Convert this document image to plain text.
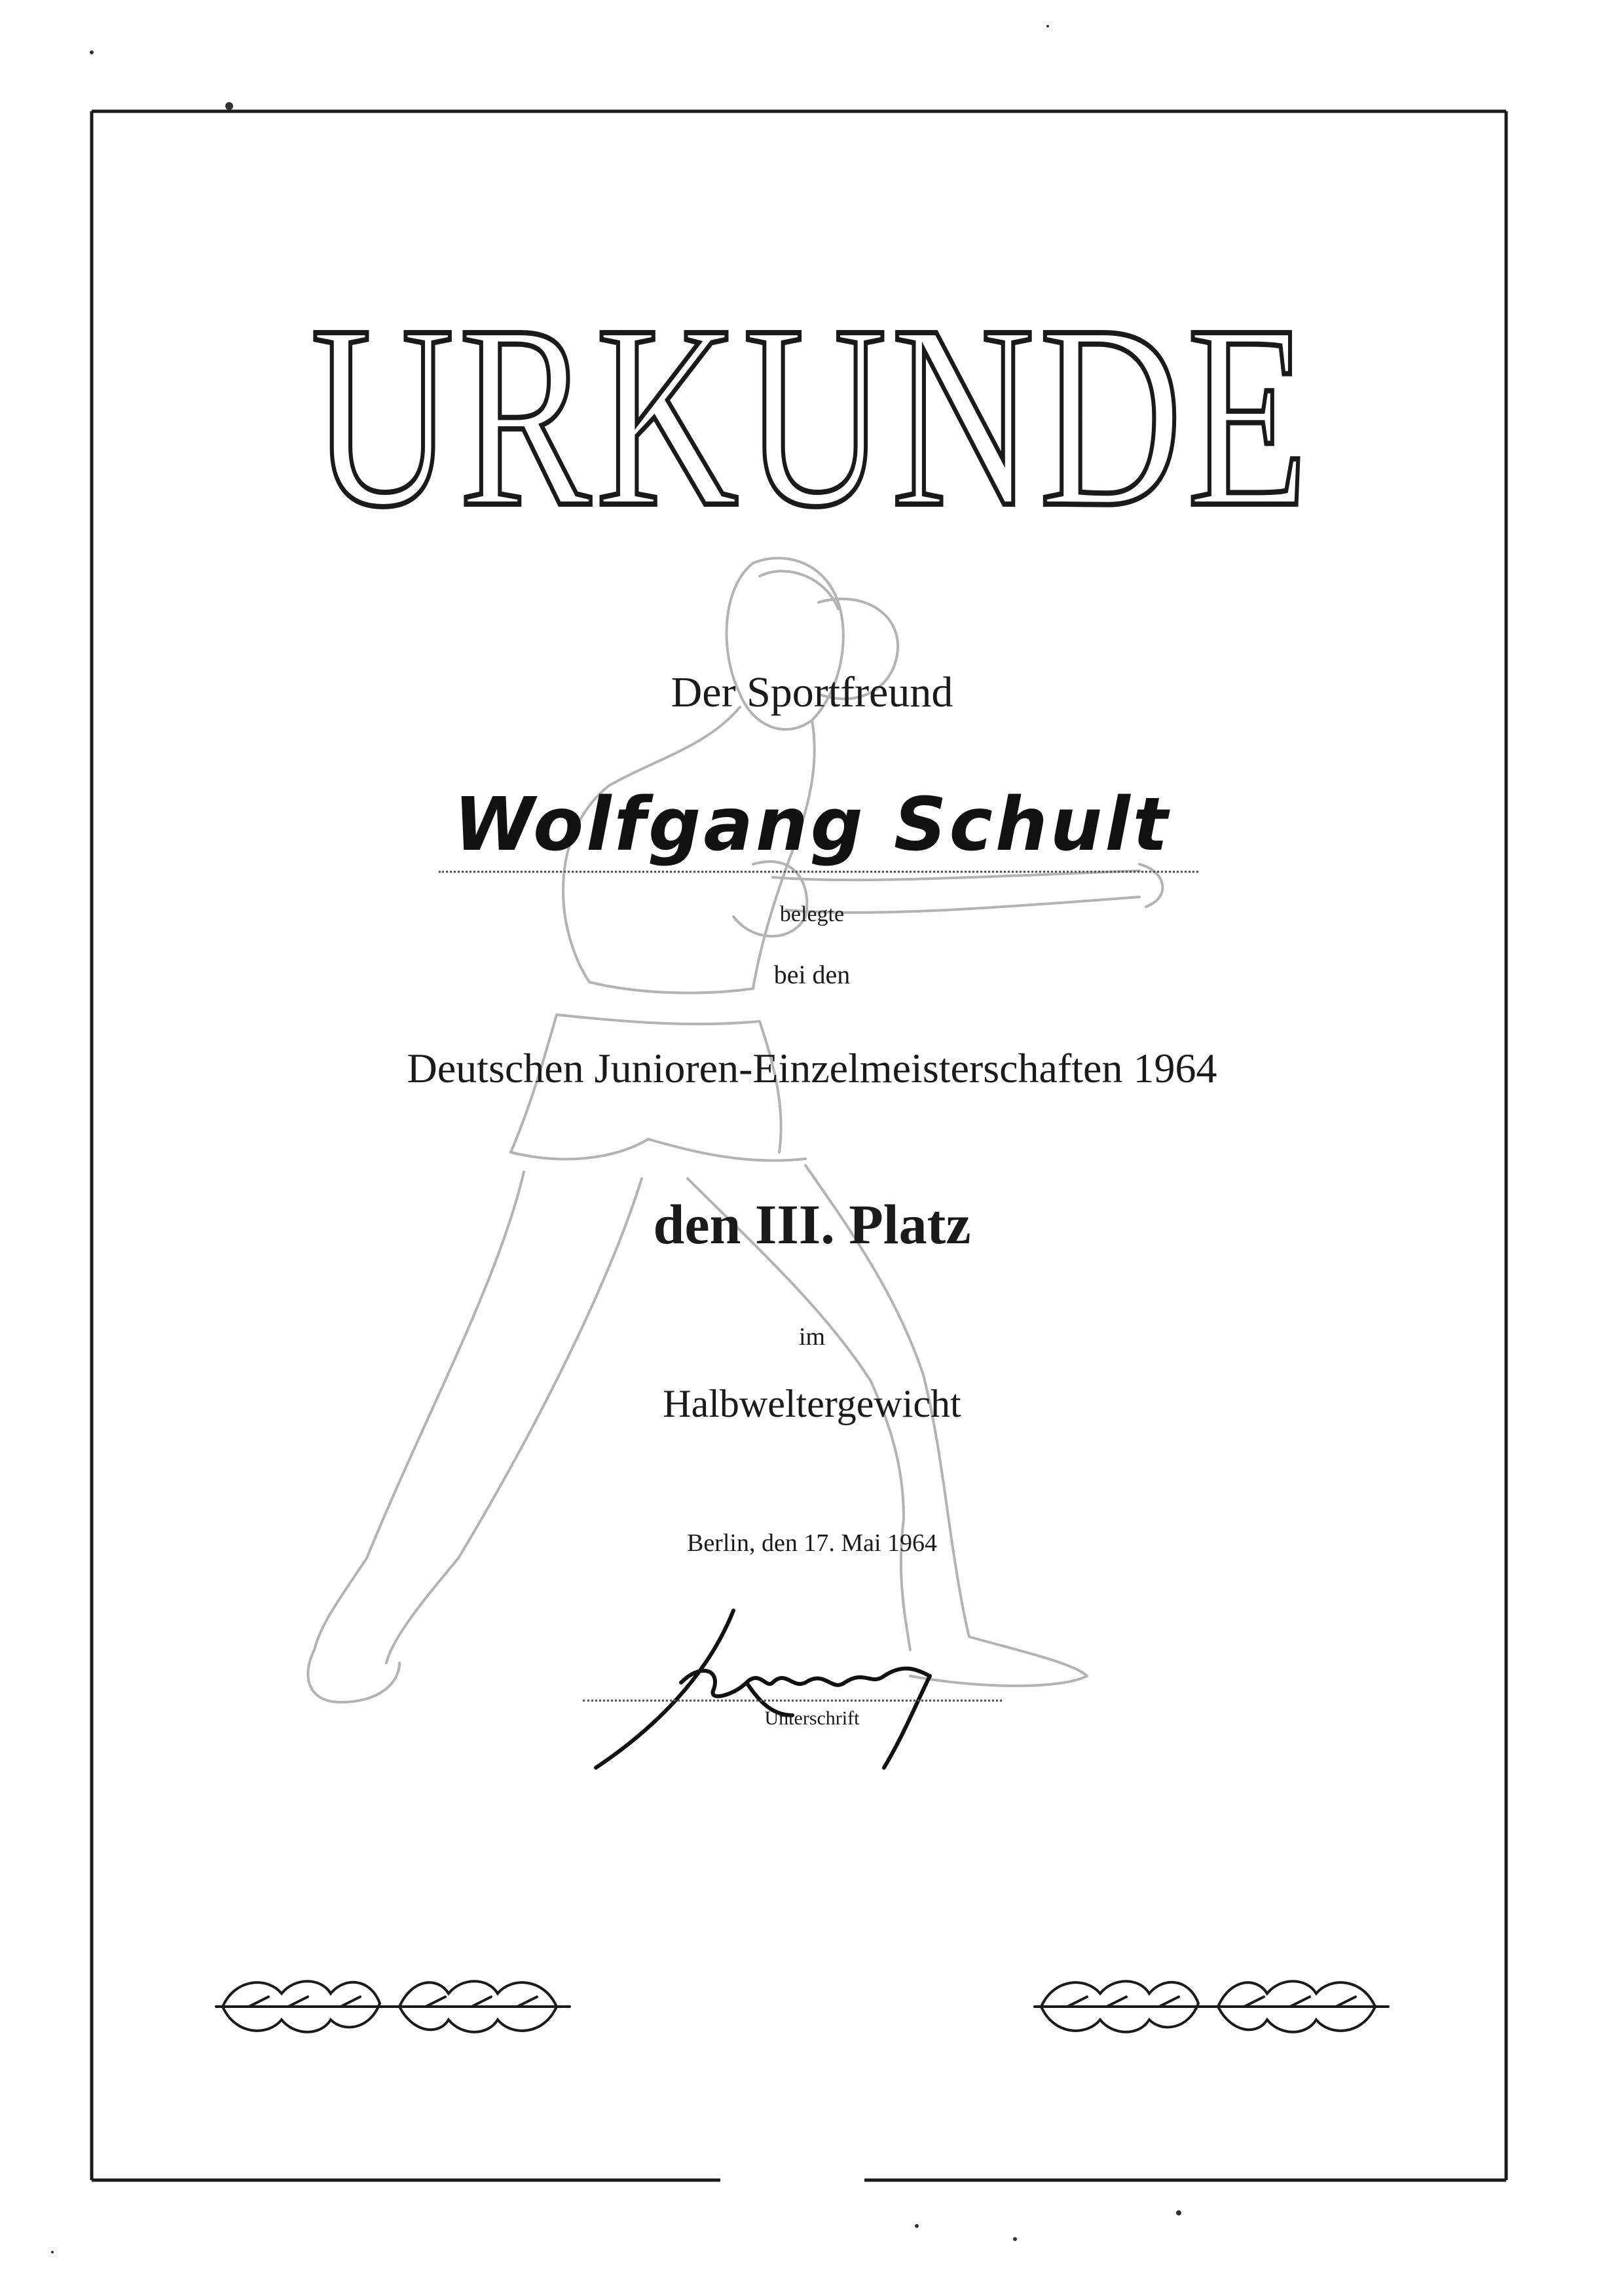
URKUNDE
Der Sportfreund
Wolfgang Schult
belegte
bei den
Deutschen Junioren-Einzelmeisterschaften 1964
den III. Platz
im
Halbweltergewicht
Berlin, den 17. Mai 1964
Unterschrift
